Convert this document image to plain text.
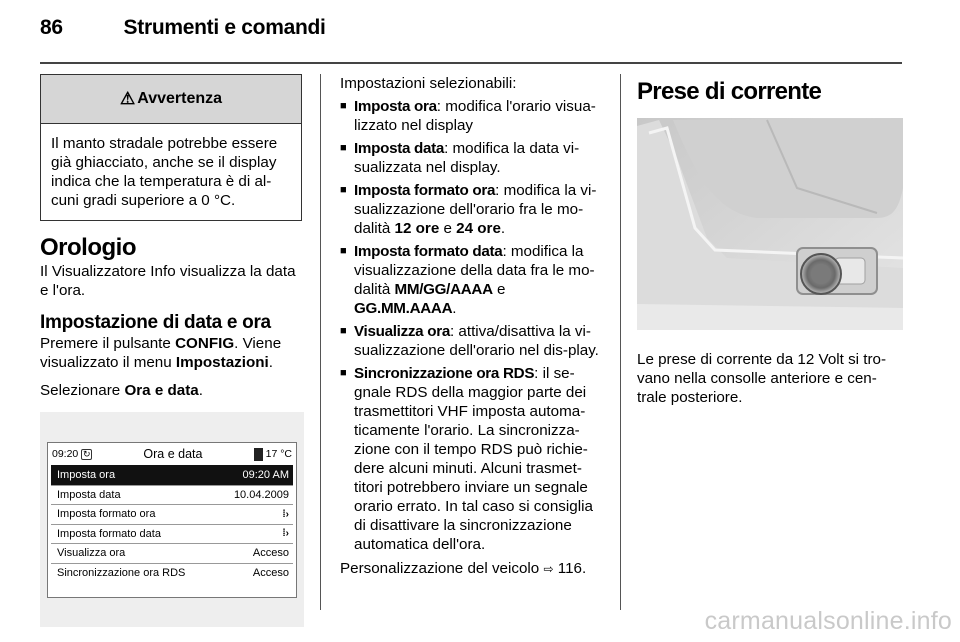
86	Strumenti e comandi
⚠ Avvertenza
Il manto stradale potrebbe essere già ghiacciato, anche se il display indica che la temperatura è di al-cuni gradi superiore a 0 °C.
Orologio

Il Visualizzatore Info visualizza la data e l'ora.

Impostazione di data e ora

Premere il pulsante CONFIG. Viene visualizzato il menu Impostazioni.

Selezionare Ora e data.

09:20 ↻	Ora e data	17 °C
Imposta ora	09:20 AM
Imposta data	10.04.2009
Imposta formato ora	⁞›
Imposta formato data	⁞›
Visualizza ora	Acceso
Sincronizzazione ora RDS	Acceso

Impostazioni selezionabili:

■ Imposta ora: modifica l'orario visua-lizzato nel display
■ Imposta data: modifica la data vi-sualizzata nel display.
■ Imposta formato ora: modifica la vi-sualizzazione dell'orario fra le mo-dalità 12 ore e 24 ore.
■ Imposta formato data: modifica la visualizzazione della data fra le mo-dalità MM/GG/AAAA e GG.MM.AAAA.
■ Visualizza ora: attiva/disattiva la vi-sualizzazione dell'orario nel dis-play.
■ Sincronizzazione ora RDS: il se-gnale RDS della maggior parte dei trasmettitori VHF imposta automa-ticamente l'orario. La sincronizza-zione con il tempo RDS può richie-dere alcuni minuti. Alcuni trasmet-titori potrebbero inviare un segnale orario errato. In tal caso si consiglia di disattivare la sincronizzazione automatica dell'ora.

Personalizzazione del veicolo ⇨ 116.

Prese di corrente

Le prese di corrente da 12 Volt si tro-vano nella consolle anteriore e cen-trale posteriore.

carmanualsonline.info
